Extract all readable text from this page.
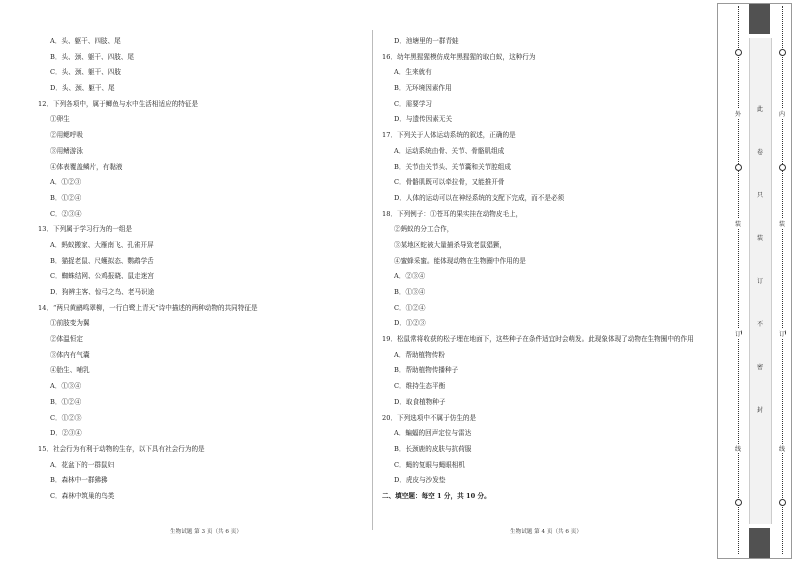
A．头、躯干、四肢、尾
B．头、颈、躯干、四肢、尾
C．头、颈、躯干、四肢
D．头、颈、躯干、尾
12．下列各项中，属于鲫鱼与水中生活相适应的特征是
①卵生
②用鳃呼吸
③用鳍游泳
④体表覆盖鳞片，有黏液
A．①②③
B．①②④
C．②③④
13．下列属于学习行为的一组是
A．蚂蚁搬家、大雁南飞、孔雀开屏
B．猫捉老鼠、尺蠖拟态、鹦鹉学舌
C．蜘蛛结网、公鸡报晓、鼠走迷宫
D．狗辨主客、惊弓之鸟、老马识途
14．“两只黄鹂鸣翠柳，一行白鹭上青天”诗中描述的两种动物的共同特征是
①前肢变为翼
②体温恒定
③体内有气囊
④胎生、哺乳
A．①③④
B．①②④
C．①②③
D．②③④
15．社会行为有利于动物的生存，以下具有社会行为的是
A．花盆下的一群鼠妇
B．森林中一群狒狒
C．森林中筑巢的鸟类
D．池塘里的一群青蛙
16．幼年黑猩猩模仿成年黑猩猩的取白蚁，这种行为
A．生来就有
B．无环境因素作用
C．需要学习
D．与遗传因素无关
17．下列关于人体运动系统的叙述，正确的是
A．运动系统由骨、关节、骨骼肌组成
B．关节由关节头、关节囊和关节腔组成
C．骨骼肌既可以牵拉骨，又能推开骨
D．人体的运动可以在神经系统的支配下完成，而不是必须
18．下列例子：①苍耳的果实挂在动物皮毛上，
②蚂蚁的分工合作，
③某地区蛇被大量捕杀导致老鼠猖獗，
④蜜蜂采蜜。能体现动物在生物圈中作用的是
A．②③④
B．①③④
C．①②④
D．①②③
19．松鼠常将收获的松子埋在地面下，这些种子在条件适宜时会萌发。此现象体现了动物在生物圈中的作用
A．帮助植物传粉
B．帮助植物传播种子
C．维持生态平衡
D．取食植物种子
20．下列选项中不属于仿生的是
A．蝙蝠的回声定位与雷达
B．长颈鹿的皮肤与抗荷服
C．蝇的复眼与蝇眼相机
D．虎皮与沙发垫
二、填空题：每空 1 分，共 10 分。
生物试题 第 3 页（共 6 页）	生物试题 第 4 页（共 6 页）
外
装
订
线
内
装
订
线
此
卷
只
装
订
不
密
封
